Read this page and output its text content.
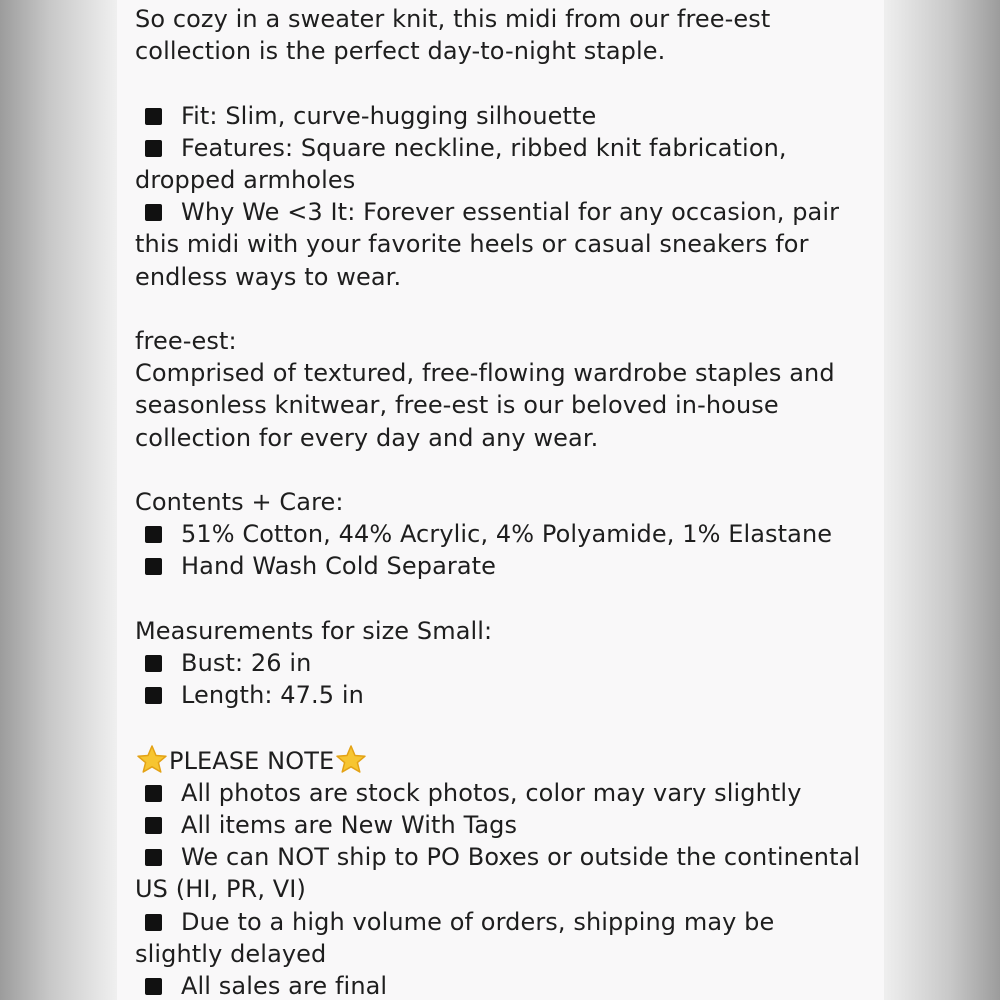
So cozy in a sweater knit, this midi from our free-est
collection is the perfect day-to-night staple.
Fit: Slim, curve-hugging silhouette
Features: Square neckline, ribbed knit fabrication,
dropped armholes
Why We <3 It: Forever essential for any occasion, pair
this midi with your favorite heels or casual sneakers for
endless ways to wear.
free-est:
Comprised of textured, free-flowing wardrobe staples and
seasonless knitwear, free-est is our beloved in-house
collection for every day and any wear.
Contents + Care:
51% Cotton, 44% Acrylic, 4% Polyamide, 1% Elastane
Hand Wash Cold Separate
Measurements for size Small:
Bust: 26 in
Length: 47.5 in
PLEASE NOTE
All photos are stock photos, color may vary slightly
All items are New With Tags
We can NOT ship to PO Boxes or outside the continental
US (HI, PR, VI)
Due to a high volume of orders, shipping may be
slightly delayed
All sales are final
